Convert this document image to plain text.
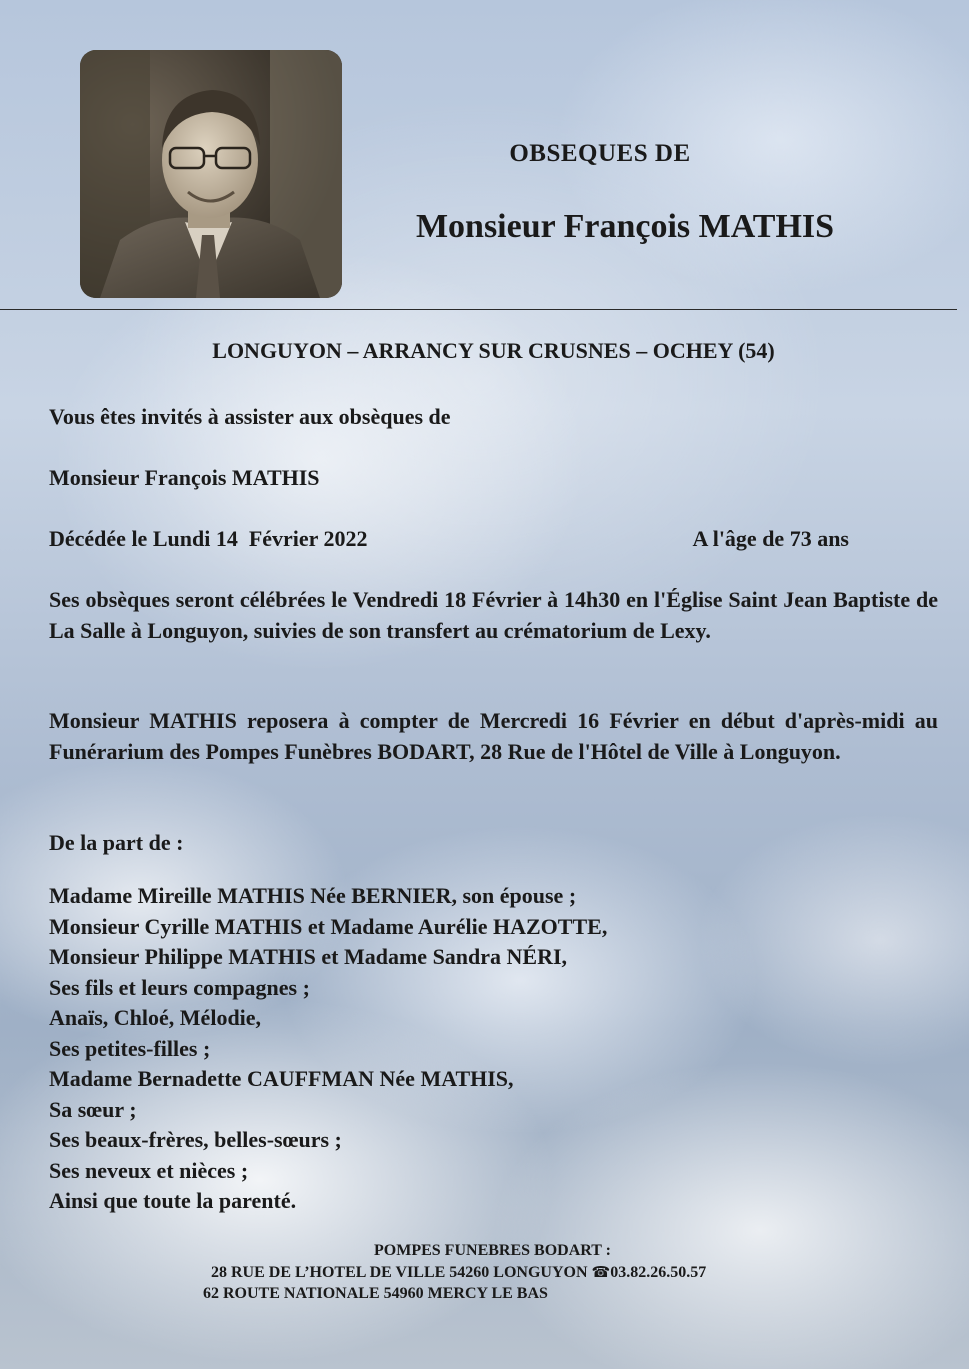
OBSEQUES DE
Monsieur François MATHIS
LONGUYON – ARRANCY SUR CRUSNES – OCHEY (54)
Vous êtes invités à assister aux obsèques de
Monsieur François MATHIS
Décédée le Lundi 14  Février 2022	A l'âge de 73 ans
Ses obsèques seront célébrées le Vendredi 18 Février à 14h30 en l'Église Saint Jean Baptiste de La Salle à Longuyon, suivies de son transfert au crématorium de Lexy.
Monsieur MATHIS reposera à compter de Mercredi 16 Février en début d'après-midi au Funérarium des Pompes Funèbres BODART, 28 Rue de l'Hôtel de Ville à Longuyon.
De la part de :
Madame Mireille MATHIS Née BERNIER, son épouse ;
Monsieur Cyrille MATHIS et Madame Aurélie HAZOTTE,
Monsieur Philippe MATHIS et Madame Sandra NÉRI,
Ses fils et leurs compagnes ;
Anaïs, Chloé, Mélodie,
Ses petites-filles ;
Madame Bernadette CAUFFMAN Née MATHIS,
Sa sœur ;
Ses beaux-frères, belles-sœurs ;
Ses neveux et nièces ;
Ainsi que toute la parenté.
POMPES FUNEBRES BODART :
28 RUE DE L’HOTEL DE VILLE 54260 LONGUYON ☎03.82.26.50.57
62 ROUTE NATIONALE 54960 MERCY LE BAS
